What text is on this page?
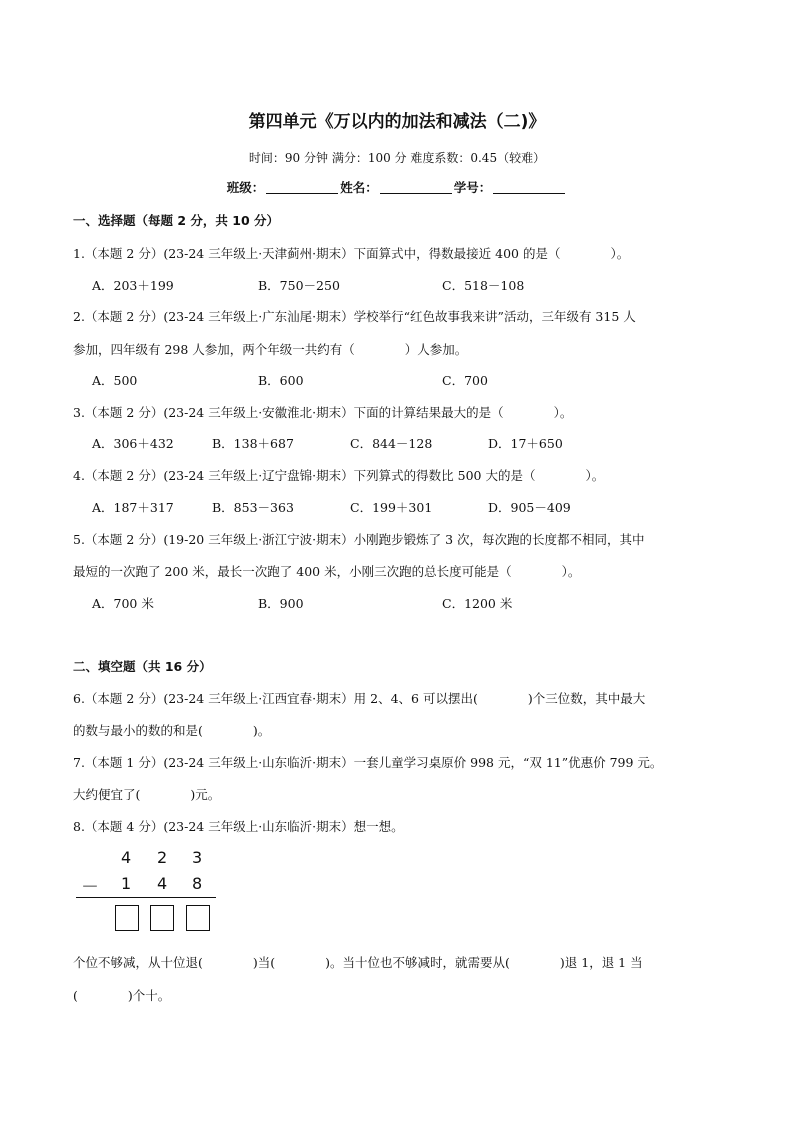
第四单元《万以内的加法和减法（二)》
时间：90 分钟 满分：100 分 难度系数：0.45（较难）
班级：	姓名：	学号：
一、选择题（每题 2 分，共 10 分）
1.（本题 2 分）(23-24 三年级上·天津蓟州·期末）下面算式中，得数最接近 400 的是（　　　　）。
A．203＋199	B．750－250	C．518－108
2.（本题 2 分）(23-24 三年级上·广东汕尾·期末）学校举行“红色故事我来讲”活动，三年级有 315 人
参加，四年级有 298 人参加，两个年级一共约有（　　　　）人参加。
A．500	B．600	C．700
3.（本题 2 分）(23-24 三年级上·安徽淮北·期末）下面的计算结果最大的是（　　　　）。
A．306＋432	B．138＋687	C．844－128	D．17＋650
4.（本题 2 分）(23-24 三年级上·辽宁盘锦·期末）下列算式的得数比 500 大的是（　　　　）。
A．187＋317	B．853－363	C．199＋301	D．905－409
5.（本题 2 分）(19-20 三年级上·浙江宁波·期末）小刚跑步锻炼了 3 次，每次跑的长度都不相同，其中
最短的一次跑了 200 米，最长一次跑了 400 米，小刚三次跑的总长度可能是（　　　　）。
A．700 米	B．900	C．1200 米
二、填空题（共 16 分）
6.（本题 2 分）(23-24 三年级上·江西宜春·期末）用 2、4、6 可以摆出(　　　　)个三位数，其中最大
的数与最小的数的和是(　　　　)。
7.（本题 1 分）(23-24 三年级上·山东临沂·期末）一套儿童学习桌原价 998 元，“双 11”优惠价 799 元。
大约便宜了(　　　　)元。
8.（本题 4 分）(23-24 三年级上·山东临沂·期末）想一想。
4 2 3
－ 1 4 8
个位不够减，从十位退(　　　　)当(　　　　)。当十位也不够减时，就需要从(　　　　)退 1，退 1 当
(　　　　)个十。
